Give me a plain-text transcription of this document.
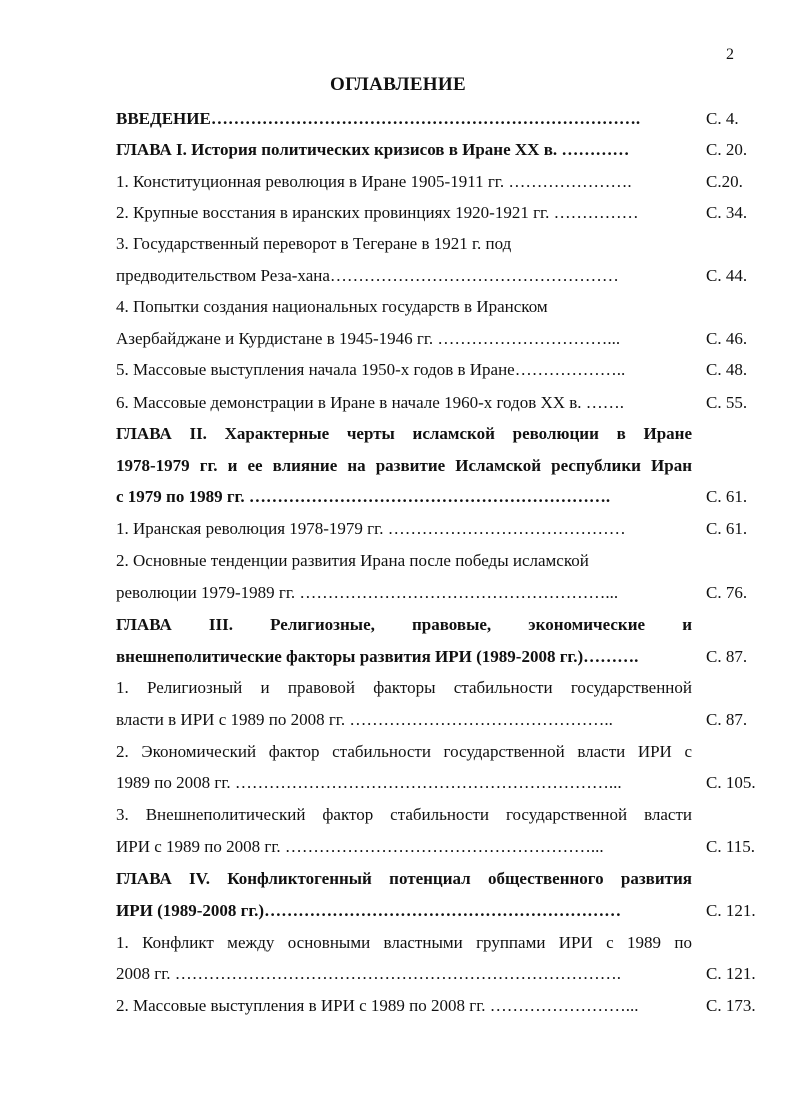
2
ОГЛАВЛЕНИЕ
ВВЕДЕНИЕ………………………………………………………………….	С. 4.
ГЛАВА I. История политических кризисов в Иране XX в. …………	С. 20.
1. Конституционная революция в Иране 1905-1911 гг. ………………….	С.20.
2. Крупные восстания в иранских провинциях 1920-1921 гг. ……………	С. 34.
3. Государственный переворот в Тегеране в 1921 г. под
предводительством Реза-хана……………………………………………	С. 44.
4. Попытки создания национальных государств в Иранском
Азербайджане и Курдистане в 1945-1946 гг. …………………………...	С. 46.
5. Массовые выступления начала 1950-х годов в Иране………………..	С. 48.
6. Массовые демонстрации в Иране в начале 1960-х годов XX в. …….	С. 55.
ГЛАВА II. Характерные черты исламской революции в Иране
1978-1979 гг. и ее влияние на развитие Исламской республики Иран
с 1979 по 1989 гг. ……………………………………………………….	С. 61.
1. Иранская революция 1978-1979 гг. ……………………………………	С. 61.
2. Основные тенденции развития Ирана после победы исламской
революции 1979-1989 гг. ………………………………………………...	С. 76.
ГЛАВА III. Религиозные, правовые, экономические и
внешнеполитические факторы развития ИРИ (1989-2008 гг.)……….	С. 87.
1. Религиозный и правовой факторы стабильности государственной
власти в ИРИ с 1989 по 2008 гг. ………………………………………..	С. 87.
2. Экономический фактор стабильности государственной власти ИРИ с
1989 по 2008 гг. …………………………………………………………...	С. 105.
3. Внешнеполитический фактор стабильности государственной власти
ИРИ с 1989 по 2008 гг. ………………………………………………...	С. 115.
ГЛАВА IV. Конфликтогенный потенциал общественного развития
ИРИ (1989-2008 гг.)………………………………………………………	С. 121.
1. Конфликт между основными властными группами ИРИ с 1989 по
2008 гг. …………………………………………………………………….	С. 121.
2. Массовые выступления в ИРИ с 1989 по 2008 гг. ……………………...	С. 173.
